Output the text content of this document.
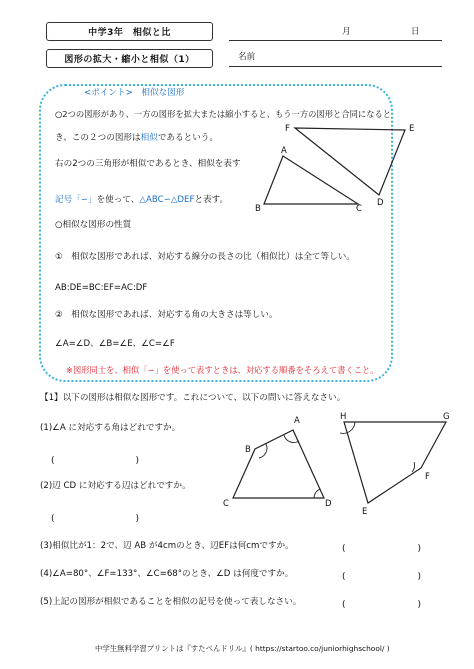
中学3年　相似と比
図形の拡大・縮小と相似（1）
月	日
名前
<ポイント>　相似な図形
○2つの図形があり、一方の図形を拡大または縮小すると、もう一方の図形と合同になると
き、この２つの図形は相似であるという。
右の2つの三角形が相似であるとき、相似を表す
記号「∽」を使って、△ABC∽△DEFと表す。
○相似な図形の性質
①　相似な図形であれば、対応する線分の長さの比（相似比）は全て等しい。
AB:DE=BC:EF=AC:DF
②　相似な図形であれば、対応する角の大きさは等しい。
∠A=∠D、∠B=∠E、∠C=∠F
※図形同士を、相似「∽」を使って表すときは、対応する順番をそろえて書くこと。
A
B	C
D
E
F
【1】以下の図形は相似な図形です。これについて、以下の問いに答えなさい。
(1)∠A に対応する角はどれですか。
(　　　　　　　　　)
(2)辺 CD に対応する辺はどれですか。
(　　　　　　　　　)
(3)相似比が1：2で、辺 AB が4cmのとき、辺EFは何cmですか。	(　　　　　　　　)
(4)∠A=80°、∠F=133°、∠C=68°のとき、∠D は何度ですか。	(　　　　　　　　)
(5)上記の図形が相似であることを相似の記号を使って表しなさい。	(　　　　　　　　)
A
B
C	D
H	G
F
E
中学生無料学習プリントは『すたぺんドリル』( https://startoo.co/juniorhighschool/ )
